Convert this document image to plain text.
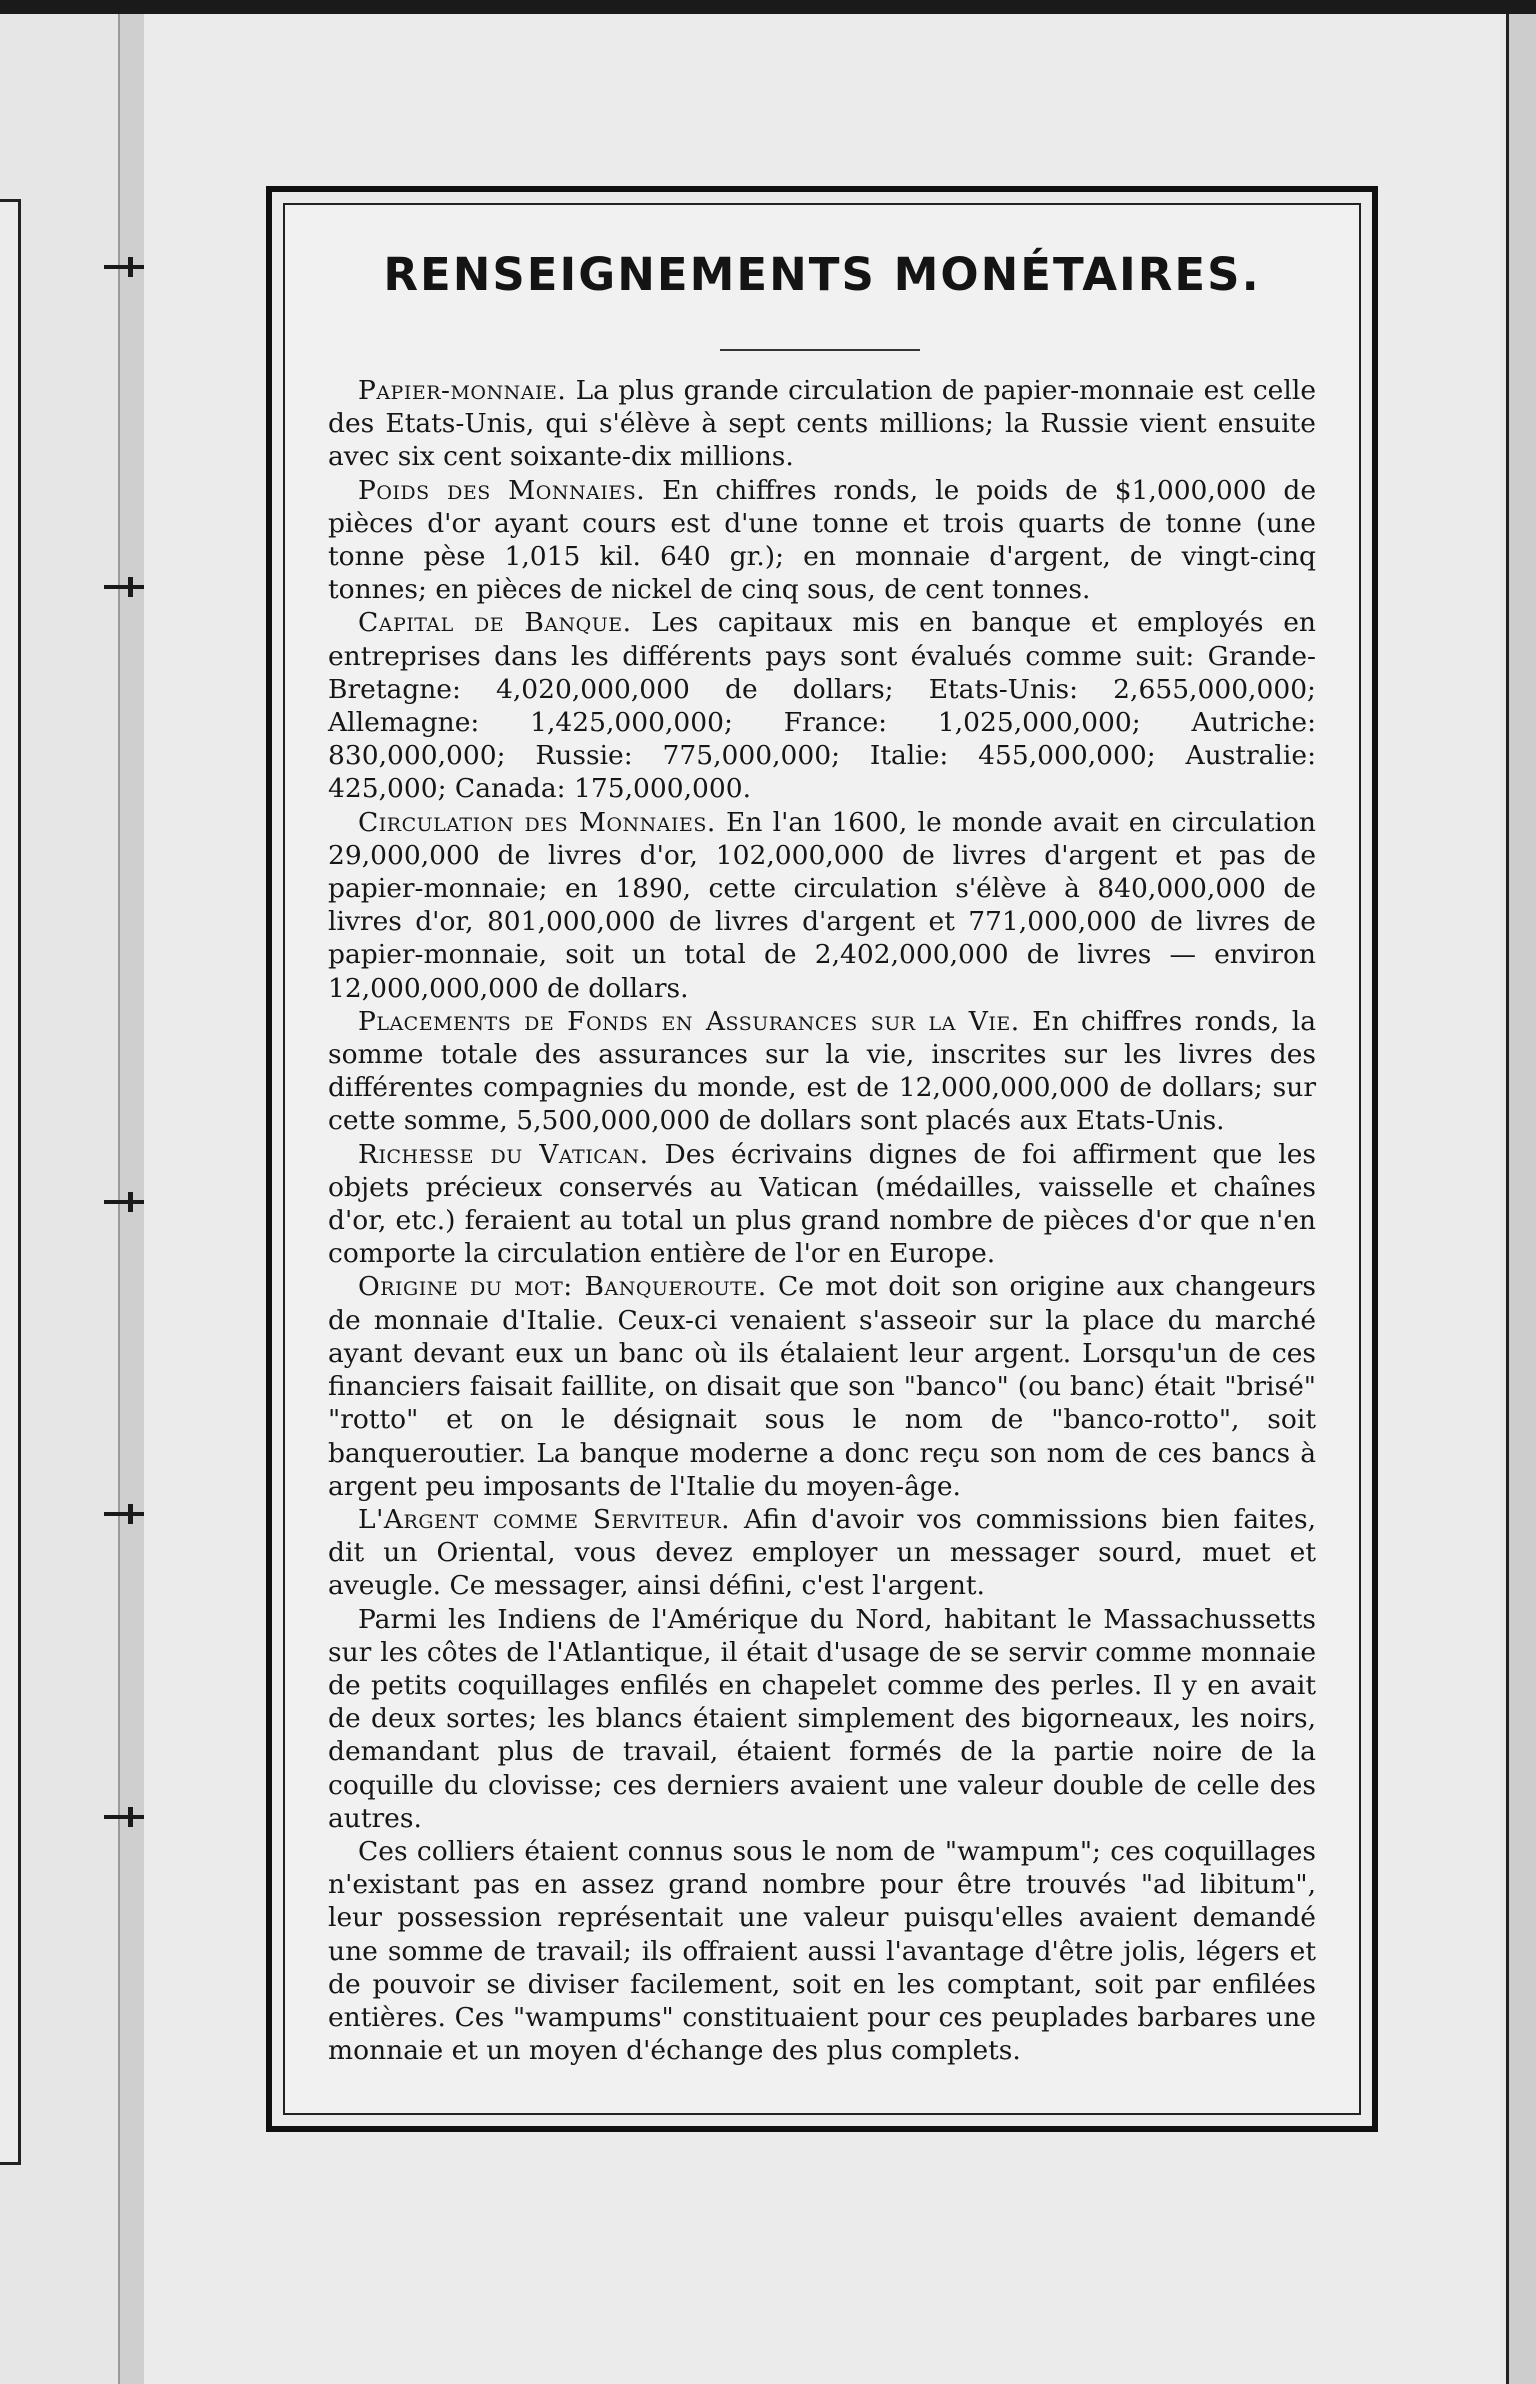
RENSEIGNEMENTS MONÉTAIRES.

Papier-monnaie. La plus grande circulation de papier-monnaie est celle des Etats-Unis, qui s'élève à sept cents millions; la Russie vient ensuite avec six cent soixante-dix millions.

Poids des Monnaies. En chiffres ronds, le poids de $1,000,000 de pièces d'or ayant cours est d'une tonne et trois quarts de tonne (une tonne pèse 1,015 kil. 640 gr.); en monnaie d'argent, de vingt-cinq tonnes; en pièces de nickel de cinq sous, de cent tonnes.

Capital de Banque. Les capitaux mis en banque et employés en entreprises dans les différents pays sont évalués comme suit: Grande-Bretagne: 4,020,000,000 de dollars; Etats-Unis: 2,655,000,000; Allemagne: 1,425,000,000; France: 1,025,000,000; Autriche: 830,000,000; Russie: 775,000,000; Italie: 455,000,000; Australie: 425,000; Canada: 175,000,000.

Circulation des Monnaies. En l'an 1600, le monde avait en circulation 29,000,000 de livres d'or, 102,000,000 de livres d'argent et pas de papier-monnaie; en 1890, cette circulation s'élève à 840,000,000 de livres d'or, 801,000,000 de livres d'argent et 771,000,000 de livres de papier-monnaie, soit un total de 2,402,000,000 de livres — environ 12,000,000,000 de dollars.

Placements de Fonds en Assurances sur la Vie. En chiffres ronds, la somme totale des assurances sur la vie, inscrites sur les livres des différentes compagnies du monde, est de 12,000,000,000 de dollars; sur cette somme, 5,500,000,000 de dollars sont placés aux Etats-Unis.

Richesse du Vatican. Des écrivains dignes de foi affirment que les objets précieux conservés au Vatican (médailles, vaisselle et chaînes d'or, etc.) feraient au total un plus grand nombre de pièces d'or que n'en comporte la circulation entière de l'or en Europe.

Origine du mot: Banqueroute. Ce mot doit son origine aux changeurs de monnaie d'Italie. Ceux-ci venaient s'asseoir sur la place du marché ayant devant eux un banc où ils étalaient leur argent. Lorsqu'un de ces financiers faisait faillite, on disait que son "banco" (ou banc) était "brisé" "rotto" et on le désignait sous le nom de "banco-rotto", soit banqueroutier. La banque moderne a donc reçu son nom de ces bancs à argent peu imposants de l'Italie du moyen-âge.

L'Argent comme Serviteur. Afin d'avoir vos commissions bien faites, dit un Oriental, vous devez employer un messager sourd, muet et aveugle. Ce messager, ainsi défini, c'est l'argent.

Parmi les Indiens de l'Amérique du Nord, habitant le Massachussetts sur les côtes de l'Atlantique, il était d'usage de se servir comme monnaie de petits coquillages enfilés en chapelet comme des perles. Il y en avait de deux sortes; les blancs étaient simplement des bigorneaux, les noirs, demandant plus de travail, étaient formés de la partie noire de la coquille du clovisse; ces derniers avaient une valeur double de celle des autres.

Ces colliers étaient connus sous le nom de "wampum"; ces coquillages n'existant pas en assez grand nombre pour être trouvés "ad libitum", leur possession représentait une valeur puisqu'elles avaient demandé une somme de travail; ils offraient aussi l'avantage d'être jolis, légers et de pouvoir se diviser facilement, soit en les comptant, soit par enfilées entières. Ces "wampums" constituaient pour ces peuplades barbares une monnaie et un moyen d'échange des plus complets.
